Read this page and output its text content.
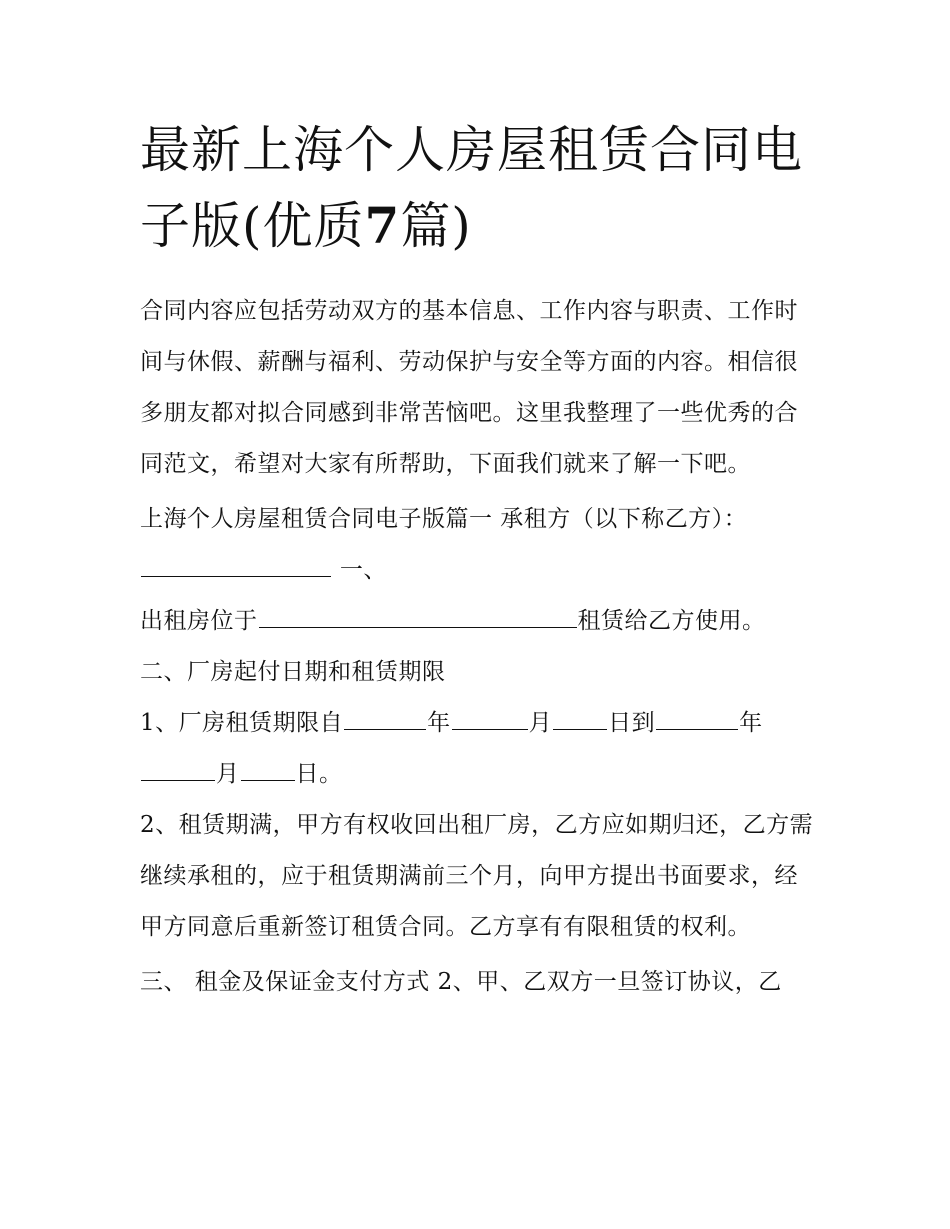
最新上海个人房屋租赁合同电
子版(优质7篇)

合同内容应包括劳动双方的基本信息、工作内容与职责、工作时间与休假、薪酬与福利、劳动保护与安全等方面的内容。相信很多朋友都对拟合同感到非常苦恼吧。这里我整理了一些优秀的合同范文，希望对大家有所帮助，下面我们就来了解一下吧。

上海个人房屋租赁合同电子版篇一 承租方（以下称乙方）：

一、

出租房位于	租赁给乙方使用。

二、厂房起付日期和租赁期限

1、厂房租赁期限自	年	月 日到	年
月 日。

2、租赁期满，甲方有权收回出租厂房，乙方应如期归还，乙方需继续承租的，应于租赁期满前三个月，向甲方提出书面要求，经甲方同意后重新签订租赁合同。乙方享有有限租赁的权利。

三、 租金及保证金支付方式 2、甲、乙双方一旦签订协议，乙
